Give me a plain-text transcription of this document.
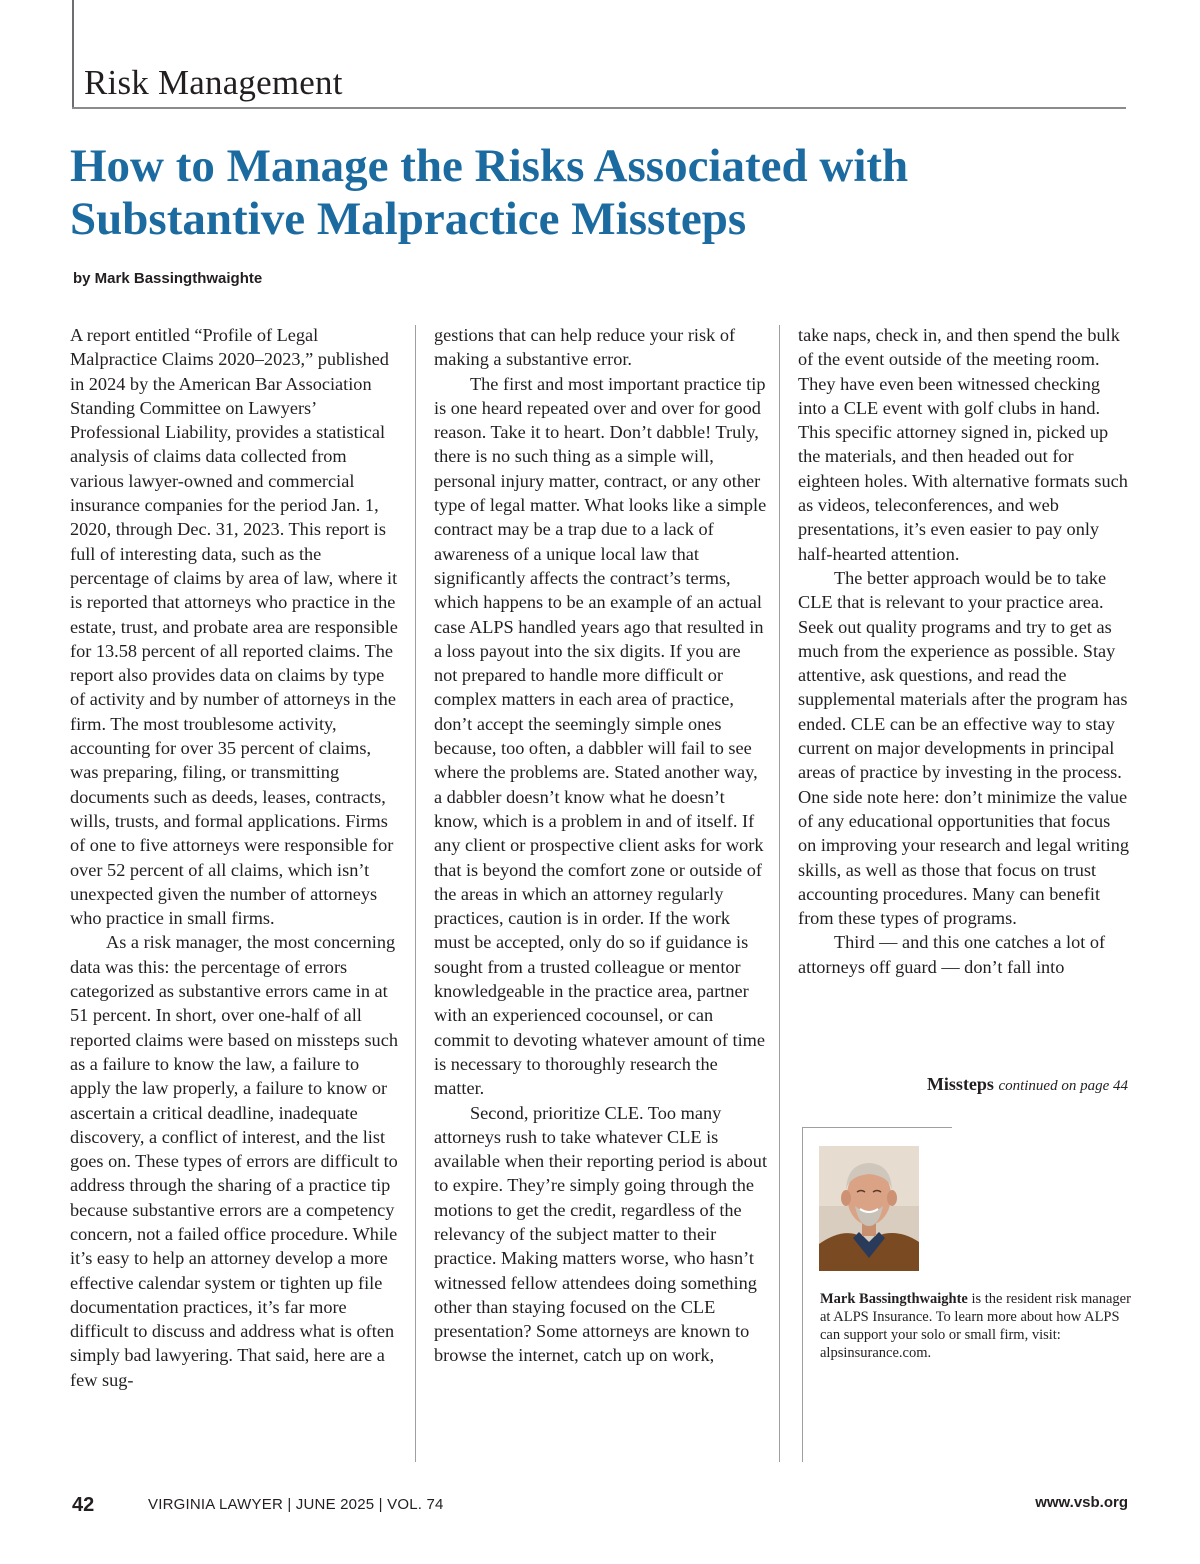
Risk Management
How to Manage the Risks Associated with
Substantive Malpractice Missteps
by Mark Bassingthwaighte

A report entitled “Profile of Legal Malpractice Claims 2020–2023,” published in 2024 by the American Bar Association Standing Committee on Lawyers’ Professional Liability, provides a statistical analysis of claims data collected from various lawyer-owned and commercial insurance companies for the period Jan. 1, 2020, through Dec. 31, 2023. This report is full of interesting data, such as the percentage of claims by area of law, where it is reported that attorneys who practice in the estate, trust, and probate area are responsible for 13.58 percent of all reported claims. The report also provides data on claims by type of activity and by number of attorneys in the firm. The most troublesome activity, accounting for over 35 percent of claims, was preparing, filing, or transmitting documents such as deeds, leases, contracts, wills, trusts, and formal applications. Firms of one to five attorneys were responsible for over 52 percent of all claims, which isn’t unexpected given the number of attorneys who practice in small firms.

As a risk manager, the most concerning data was this: the percentage of errors categorized as substantive errors came in at 51 percent. In short, over one-half of all reported claims were based on missteps such as a failure to know the law, a failure to apply the law properly, a failure to know or ascertain a critical deadline, inadequate discovery, a conflict of interest, and the list goes on. These types of errors are difficult to address through the sharing of a practice tip because substantive errors are a competency concern, not a failed office procedure. While it’s easy to help an attorney develop a more effective calendar system or tighten up file documentation practices, it’s far more difficult to discuss and address what is often simply bad lawyering. That said, here are a few sug-

gestions that can help reduce your risk of making a substantive error.

The first and most important practice tip is one heard repeated over and over for good reason. Take it to heart. Don’t dabble! Truly, there is no such thing as a simple will, personal injury matter, contract, or any other type of legal matter. What looks like a simple contract may be a trap due to a lack of awareness of a unique local law that significantly affects the contract’s terms, which happens to be an example of an actual case ALPS handled years ago that resulted in a loss payout into the six digits. If you are not prepared to handle more difficult or complex matters in each area of practice, don’t accept the seemingly simple ones because, too often, a dabbler will fail to see where the problems are. Stated another way, a dabbler doesn’t know what he doesn’t know, which is a problem in and of itself. If any client or prospective client asks for work that is beyond the comfort zone or outside of the areas in which an attorney regularly practices, caution is in order. If the work must be accepted, only do so if guidance is sought from a trusted colleague or mentor knowledgeable in the practice area, partner with an experienced cocounsel, or can commit to devoting whatever amount of time is necessary to thoroughly research the matter.

Second, prioritize CLE. Too many attorneys rush to take whatever CLE is available when their reporting period is about to expire. They’re simply going through the motions to get the credit, regardless of the relevancy of the subject matter to their practice. Making matters worse, who hasn’t witnessed fellow attendees doing something other than staying focused on the CLE presentation? Some attorneys are known to browse the internet, catch up on work,

take naps, check in, and then spend the bulk of the event outside of the meeting room. They have even been witnessed checking into a CLE event with golf clubs in hand. This specific attorney signed in, picked up the materials, and then headed out for eighteen holes. With alternative formats such as videos, teleconferences, and web presentations, it’s even easier to pay only half-hearted attention.

The better approach would be to take CLE that is relevant to your practice area. Seek out quality programs and try to get as much from the experience as possible. Stay attentive, ask questions, and read the supplemental materials after the program has ended. CLE can be an effective way to stay current on major developments in principal areas of practice by investing in the process. One side note here: don’t minimize the value of any educational opportunities that focus on improving your research and legal writing skills, as well as those that focus on trust accounting procedures. Many can benefit from these types of programs.

Third — and this one catches a lot of attorneys off guard — don’t fall into

Missteps continued on page 44

Mark Bassingthwaighte is the resident risk manager at ALPS Insurance. To learn more about how ALPS can support your solo or small firm, visit: alpsinsurance.com.

42	VIRGINIA LAWYER | JUNE 2025 | VOL. 74	www.vsb.org
